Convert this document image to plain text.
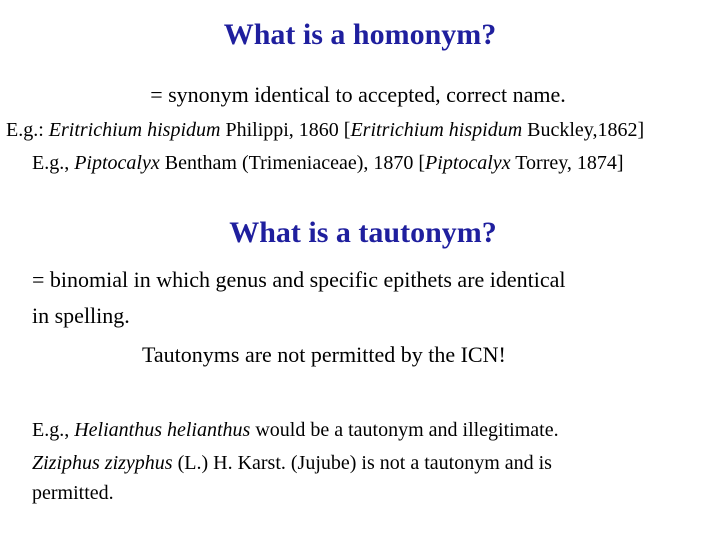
What is a homonym?
= synonym identical to accepted, correct name.
E.g.: Eritrichium hispidum Philippi, 1860 [Eritrichium hispidum Buckley,1862]
E.g., Piptocalyx Bentham (Trimeniaceae), 1870 [Piptocalyx Torrey, 1874]
What is a tautonym?
= binomial in which genus and specific epithets are identical
in spelling.
Tautonyms are not permitted by the ICN!
E.g., Helianthus helianthus would be a tautonym and illegitimate.
Ziziphus zizyphus (L.) H. Karst. (Jujube) is not a tautonym and is
permitted.
